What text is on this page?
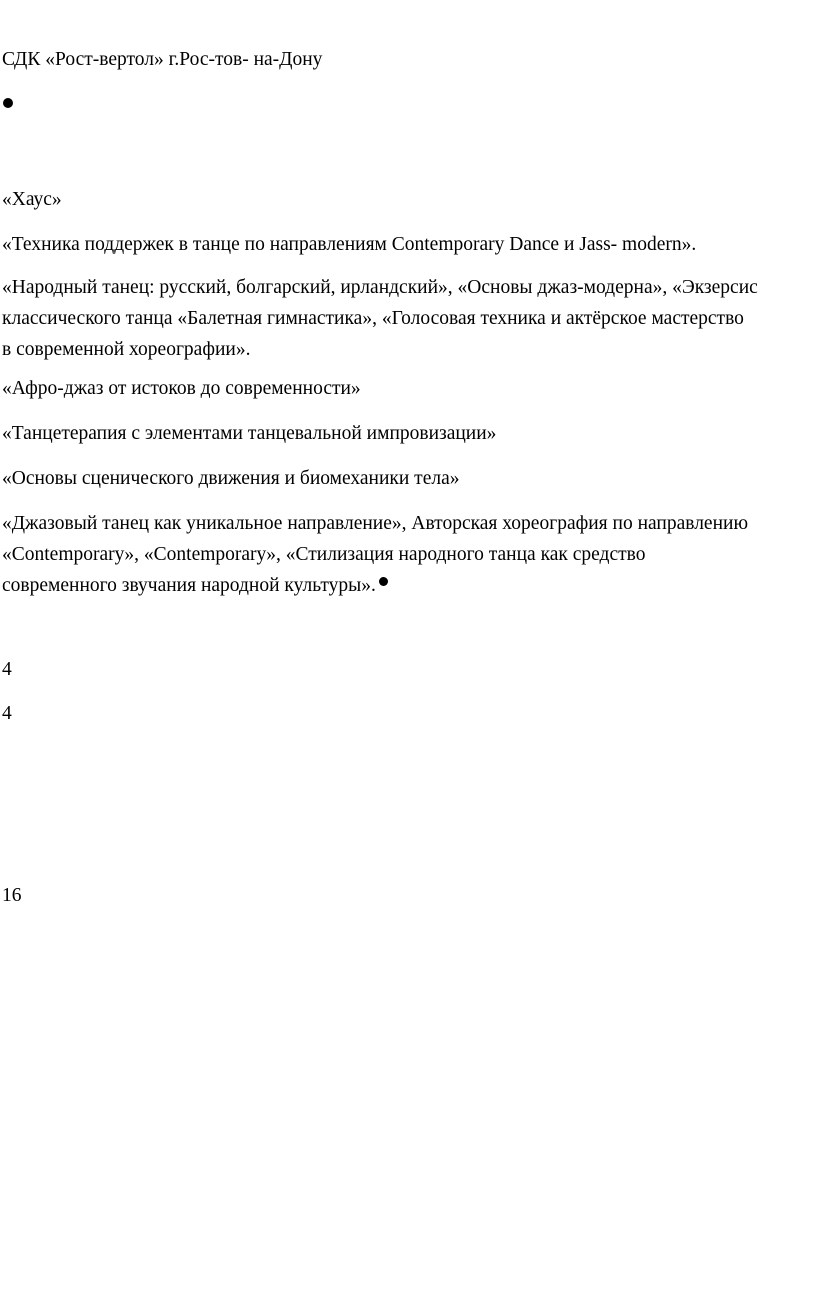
СДК «Рост-вертол» г.Рос-тов- на-Дону

«Хаус»

«Техника поддержек в танце по направлениям Contemporary Dance и Jass- modern».

«Народный танец: русский, болгарский, ирландский», «Основы джаз-модерна», «Экзерсис
классического танца «Балетная гимнастика», «Голосовая техника и актёрское мастерство
в современной хореографии».

«Афро-джаз от истоков до современности»

«Танцетерапия с элементами танцевальной импровизации»

«Основы сценического движения и биомеханики тела»

«Джазовый танец как уникальное направление», Авторская хореография по направлению
«Contemporary», «Contemporary», «Стилизация народного танца как средство
современного звучания народной культуры».

4

4

16
